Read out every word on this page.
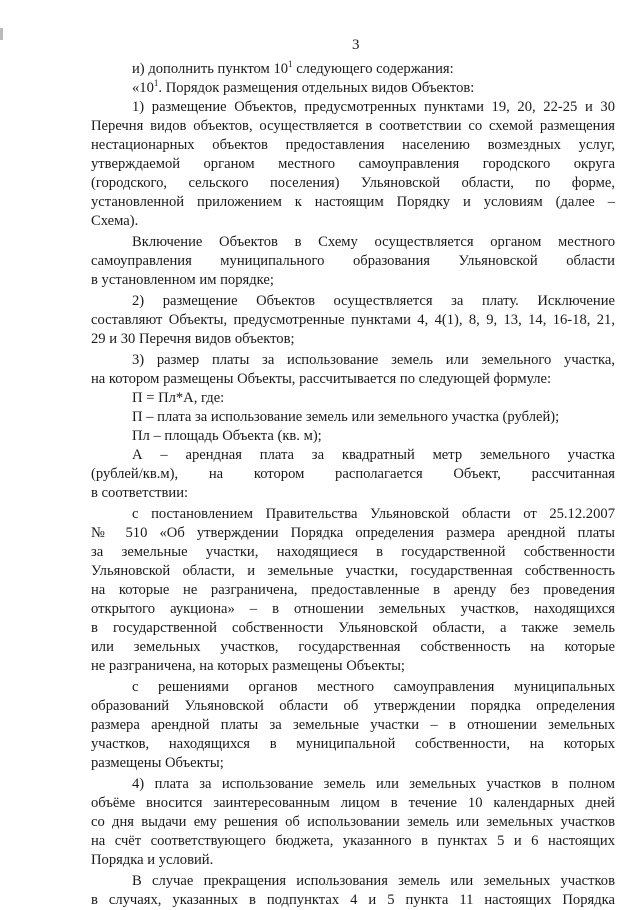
3

и) дополнить пунктом $10^1$ следующего содержания:

«$10^1$. Порядок размещения отдельных видов Объектов:

1) размещение Объектов, предусмотренных пунктами 19, 20, 22-25 и 30

Перечня видов объектов, осуществляется в соответствии со схемой размещения

нестационарных объектов предоставления населению возмездных услуг,

утверждаемой органом местного самоуправления городского округа

(городского, сельского поселения) Ульяновской области, по форме,

установленной приложением к настоящим Порядку и условиям (далее –

Схема).

Включение Объектов в Схему осуществляется органом местного

самоуправления муниципального образования Ульяновской области

в установленном им порядке;

2) размещение Объектов осуществляется за плату. Исключение

составляют Объекты, предусмотренные пунктами 4, 4(1), 8, 9, 13, 14, 16-18, 21,

29 и 30 Перечня видов объектов;

3) размер платы за использование земель или земельного участка,

на котором размещены Объекты, рассчитывается по следующей формуле:

П = Пл*А, где:

П – плата за использование земель или земельного участка (рублей);

Пл – площадь Объекта (кв. м);

А – арендная плата за квадратный метр земельного участка

(рублей/кв.м), на котором располагается Объект, рассчитанная

в соответствии:

с постановлением Правительства Ульяновской области от 25.12.2007

№ 510 «Об утверждении Порядка определения размера арендной платы

за земельные участки, находящиеся в государственной собственности

Ульяновской области, и земельные участки, государственная собственность

на которые не разграничена, предоставленные в аренду без проведения

открытого аукциона» – в отношении земельных участков, находящихся

в государственной собственности Ульяновской области, а также земель

или земельных участков, государственная собственность на которые

не разграничена, на которых размещены Объекты;

с решениями органов местного самоуправления муниципальных

образований Ульяновской области об утверждении порядка определения

размера арендной платы за земельные участки – в отношении земельных

участков, находящихся в муниципальной собственности, на которых

размещены Объекты;

4) плата за использование земель или земельных участков в полном

объёме вносится заинтересованным лицом в течение 10 календарных дней

со дня выдачи ему решения об использовании земель или земельных участков

на счёт соответствующего бюджета, указанного в пунктах 5 и 6 настоящих

Порядка и условий.

В случае прекращения использования земель или земельных участков

в случаях, указанных в подпунктах 4 и 5 пункта 11 настоящих Порядка
